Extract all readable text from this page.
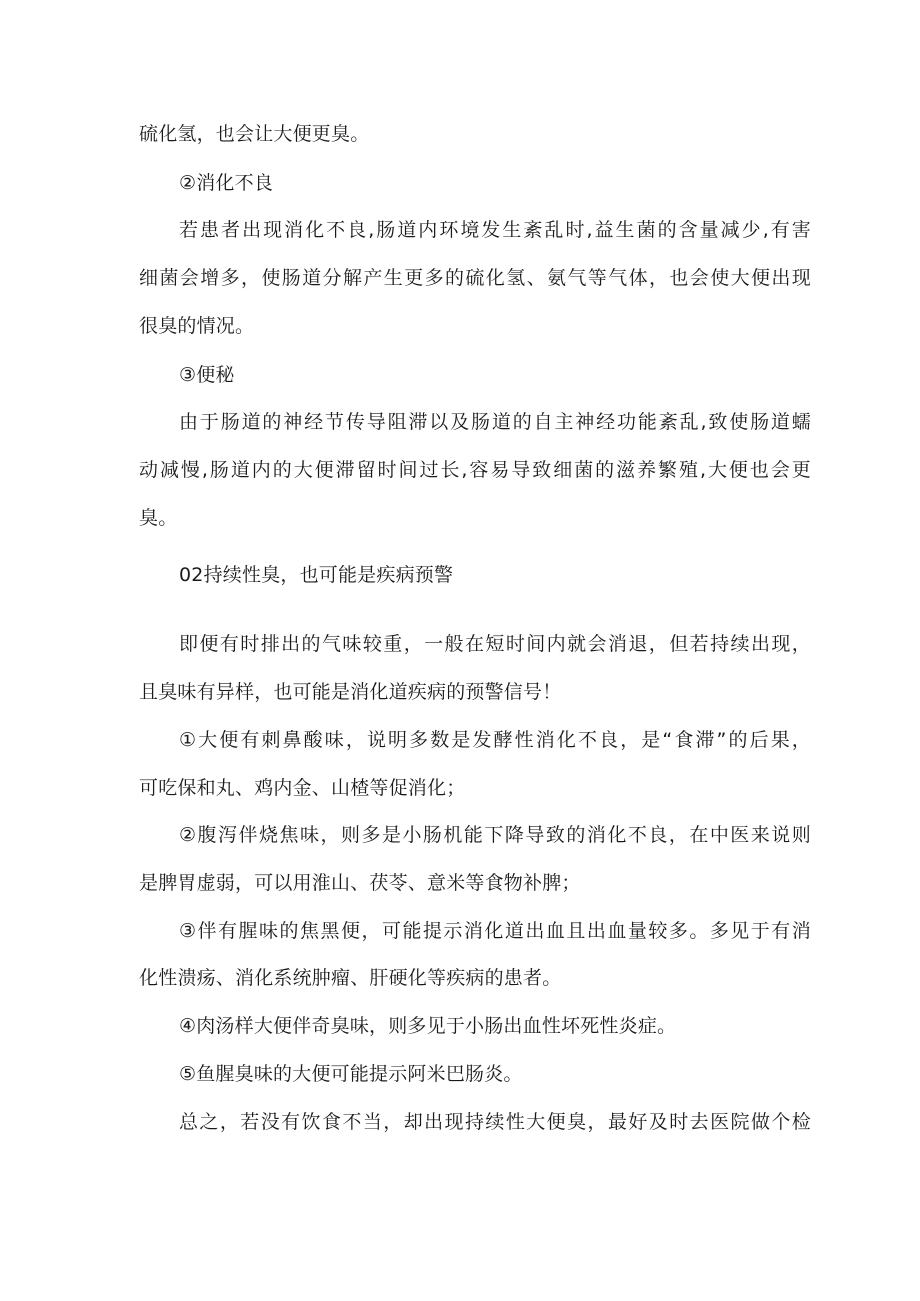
硫化氢，也会让大便更臭。
②消化不良
若患者出现消化不良,肠道内环境发生紊乱时,益生菌的含量减少,有害
细菌会增多，使肠道分解产生更多的硫化氢、氨气等气体，也会使大便出现
很臭的情况。
③便秘
由于肠道的神经节传导阻滞以及肠道的自主神经功能紊乱,致使肠道蠕
动减慢,肠道内的大便滞留时间过长,容易导致细菌的滋养繁殖,大便也会更
臭。
02持续性臭，也可能是疾病预警
即便有时排出的气味较重，一般在短时间内就会消退，但若持续出现，
且臭味有异样，也可能是消化道疾病的预警信号！
①大便有刺鼻酸味，说明多数是发酵性消化不良，是“食滞”的后果，
可吃保和丸、鸡内金、山楂等促消化；
②腹泻伴烧焦味，则多是小肠机能下降导致的消化不良，在中医来说则
是脾胃虚弱，可以用淮山、茯苓、意米等食物补脾；
③伴有腥味的焦黑便，可能提示消化道出血且出血量较多。多见于有消
化性溃疡、消化系统肿瘤、肝硬化等疾病的患者。
④肉汤样大便伴奇臭味，则多见于小肠出血性坏死性炎症。
⑤鱼腥臭味的大便可能提示阿米巴肠炎。
总之，若没有饮食不当，却出现持续性大便臭，最好及时去医院做个检
